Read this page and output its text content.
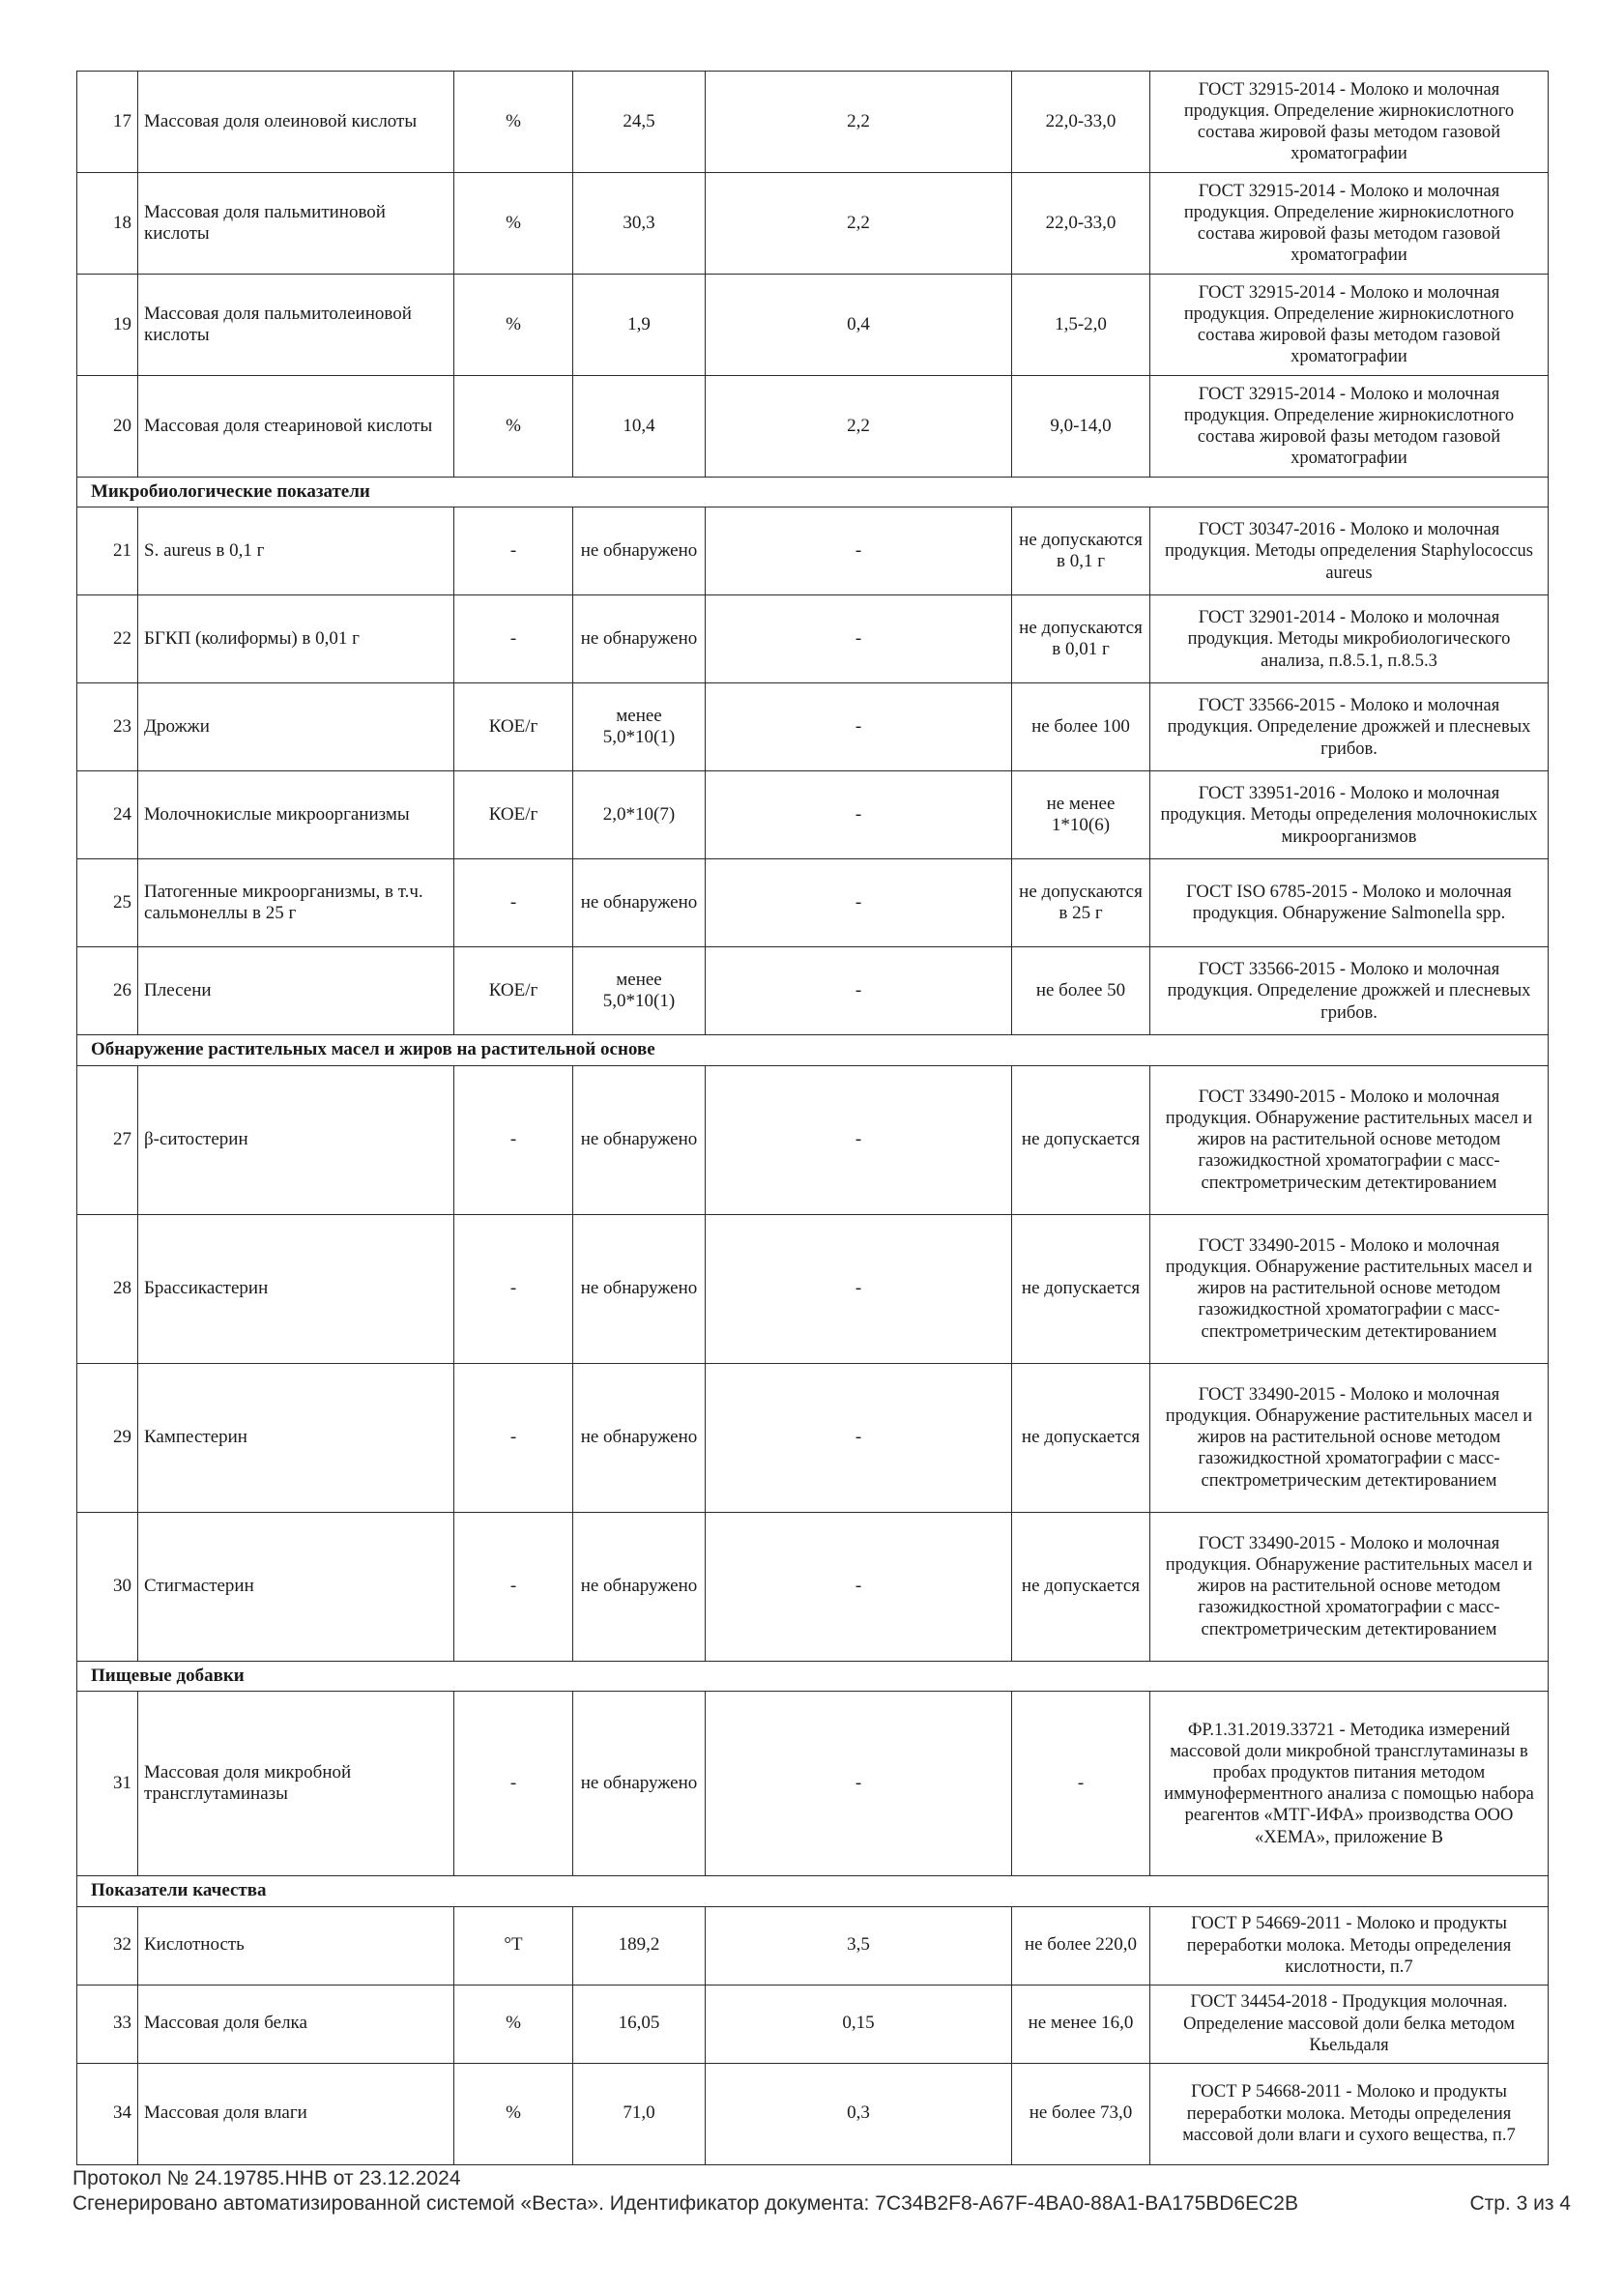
17	Массовая доля олеиновой кислоты	%	24,5	2,2	22,0-33,0	ГОСТ 32915-2014 - Молоко и молочная продукция. Определение жирнокислотного состава жировой фазы методом газовой хроматографии
18	Массовая доля пальмитиновой кислоты	%	30,3	2,2	22,0-33,0	ГОСТ 32915-2014 - Молоко и молочная продукция. Определение жирнокислотного состава жировой фазы методом газовой хроматографии
19	Массовая доля пальмитолеиновой кислоты	%	1,9	0,4	1,5-2,0	ГОСТ 32915-2014 - Молоко и молочная продукция. Определение жирнокислотного состава жировой фазы методом газовой хроматографии
20	Массовая доля стеариновой кислоты	%	10,4	2,2	9,0-14,0	ГОСТ 32915-2014 - Молоко и молочная продукция. Определение жирнокислотного состава жировой фазы методом газовой хроматографии
Микробиологические показатели						
21	S. aureus в 0,1 г	-	не обнаружено	-	не допускаются в 0,1 г	ГОСТ 30347-2016 - Молоко и молочная продукция. Методы определения Staphylococcus aureus
22	БГКП (колиформы) в 0,01 г	-	не обнаружено	-	не допускаются в 0,01 г	ГОСТ 32901-2014 - Молоко и молочная продукция. Методы микробиологического анализа, п.8.5.1, п.8.5.3
23	Дрожжи	КОЕ/г	менее 5,0*10(1)	-	не более 100	ГОСТ 33566-2015 - Молоко и молочная продукция. Определение дрожжей и плесневых грибов.
24	Молочнокислые микроорганизмы	КОЕ/г	2,0*10(7)	-	не менее 1*10(6)	ГОСТ 33951-2016 - Молоко и молочная продукция. Методы определения молочнокислых микроорганизмов
25	Патогенные микроорганизмы, в т.ч. сальмонеллы в 25 г	-	не обнаружено	-	не допускаются в 25 г	ГОСТ ISO 6785-2015 - Молоко и молочная продукция. Обнаружение Salmonella spp.
26	Плесени	КОЕ/г	менее 5,0*10(1)	-	не более 50	ГОСТ 33566-2015 - Молоко и молочная продукция. Определение дрожжей и плесневых грибов.
Обнаружение растительных масел и жиров на растительной основе						
27	β-ситостерин	-	не обнаружено	-	не допускается	ГОСТ 33490-2015 - Молоко и молочная продукция. Обнаружение растительных масел и жиров на растительной основе методом газожидкостной хроматографии с масс-спектрометрическим детектированием
28	Брассикастерин	-	не обнаружено	-	не допускается	ГОСТ 33490-2015 - Молоко и молочная продукция. Обнаружение растительных масел и жиров на растительной основе методом газожидкостной хроматографии с масс-спектрометрическим детектированием
29	Кампестерин	-	не обнаружено	-	не допускается	ГОСТ 33490-2015 - Молоко и молочная продукция. Обнаружение растительных масел и жиров на растительной основе методом газожидкостной хроматографии с масс-спектрометрическим детектированием
30	Стигмастерин	-	не обнаружено	-	не допускается	ГОСТ 33490-2015 - Молоко и молочная продукция. Обнаружение растительных масел и жиров на растительной основе методом газожидкостной хроматографии с масс-спектрометрическим детектированием
Пищевые добавки						
31	Массовая доля микробной трансглутаминазы	-	не обнаружено	-	-	ФР.1.31.2019.33721 - Методика измерений массовой доли микробной трансглутаминазы в пробах продуктов питания методом иммуноферментного анализа с помощью набора реагентов «МТГ-ИФА» производства ООО «ХЕМА», приложение В
Показатели качества						
32	Кислотность	°Т	189,2	3,5	не более 220,0	ГОСТ Р 54669-2011 - Молоко и продукты переработки молока. Методы определения кислотности, п.7
33	Массовая доля белка	%	16,05	0,15	не менее 16,0	ГОСТ 34454-2018 - Продукция молочная. Определение массовой доли белка методом Кьельдаля
34	Массовая доля влаги	%	71,0	0,3	не более 73,0	ГОСТ Р 54668-2011 - Молоко и продукты переработки молока. Методы определения массовой доли влаги и сухого вещества, п.7
Протокол № 24.19785.ННВ от 23.12.2024
Сгенерировано автоматизированной системой «Веста». Идентификатор документа: 7C34B2F8-A67F-4BA0-88A1-BA175BD6EC2B	Стр. 3 из 4
